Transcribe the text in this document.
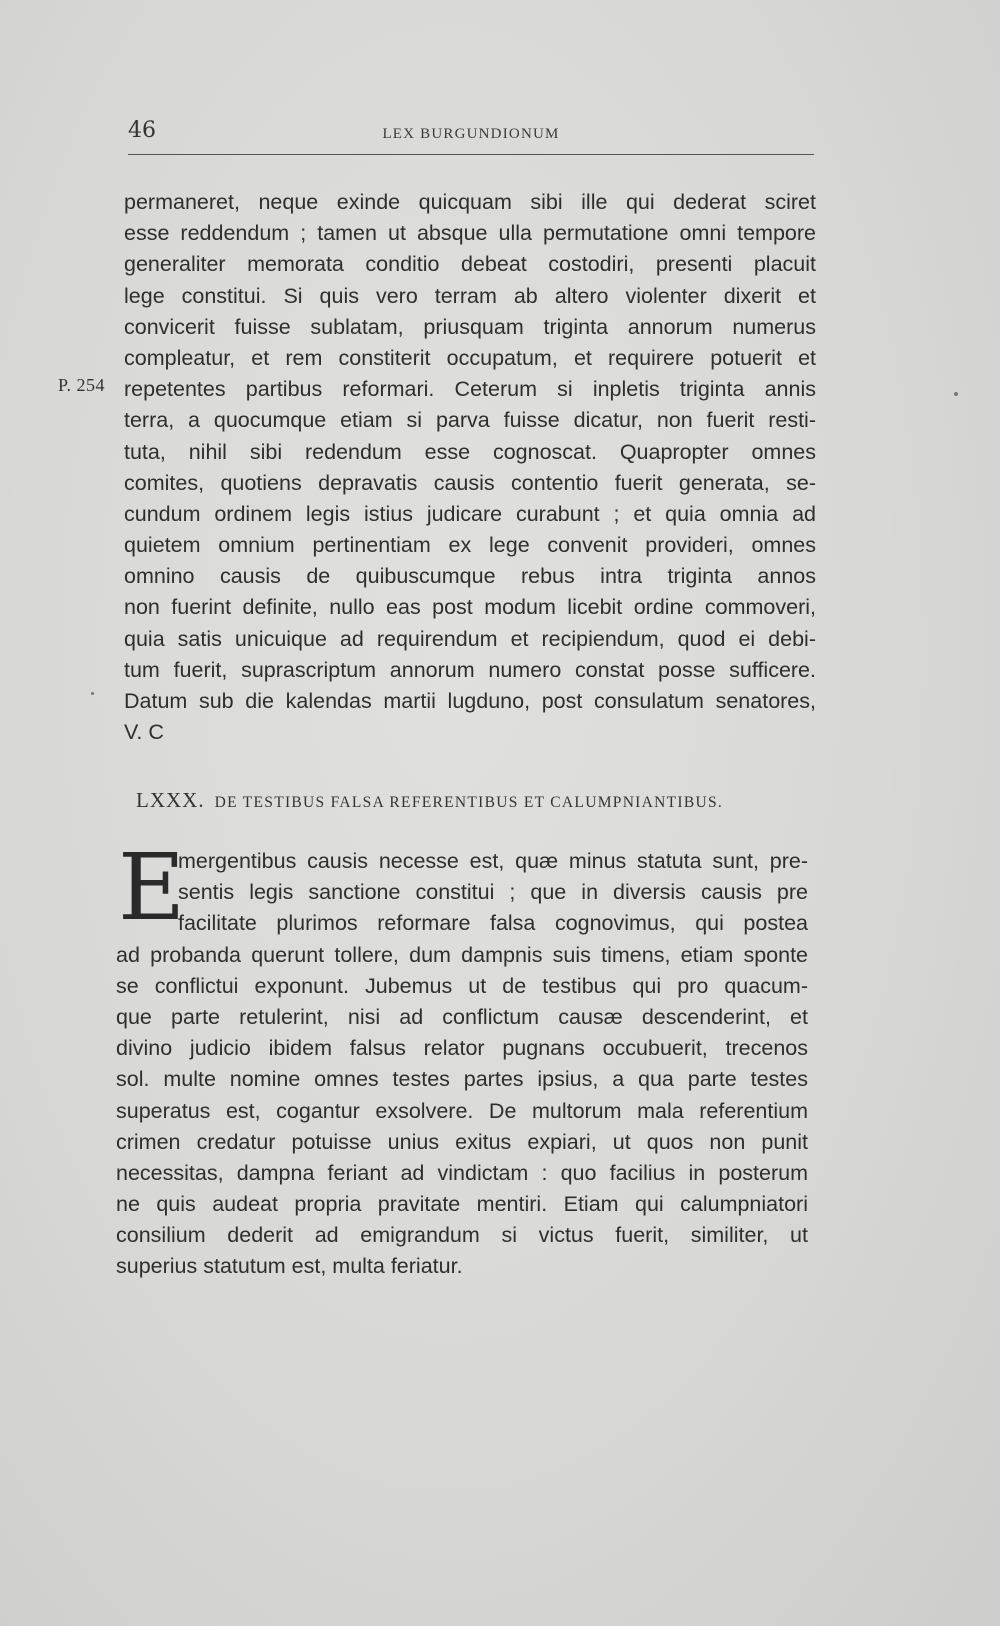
46	LEX BURGUNDIONUM
P. 254
permaneret, neque exinde quicquam sibi ille qui dederat sciret
esse reddendum ; tamen ut absque ulla permutatione omni tempore
generaliter memorata conditio debeat costodiri, presenti placuit
lege constitui. Si quis vero terram ab altero violenter dixerit et
convicerit fuisse sublatam, priusquam triginta annorum numerus
compleatur, et rem constiterit occupatum, et requirere potuerit et
repetentes partibus reformari. Ceterum si inpletis triginta annis
terra, a quocumque etiam si parva fuisse dicatur, non fuerit resti-
tuta, nihil sibi redendum esse cognoscat. Quapropter omnes
comites, quotiens depravatis causis contentio fuerit generata, se-
cundum ordinem legis istius judicare curabunt ; et quia omnia ad
quietem omnium pertinentiam ex lege convenit provideri, omnes
omnino causis de quibuscumque rebus intra triginta annos
non fuerint definite, nullo eas post modum licebit ordine commoveri,
quia satis unicuique ad requirendum et recipiendum, quod ei debi-
tum fuerit, suprascriptum annorum numero constat posse sufficere.
Datum sub die kalendas martii lugduno, post consulatum senatores,
V. C
LXXX. DE TESTIBUS FALSA REFERENTIBUS ET CALUMPNIANTIBUS.
E
mergentibus causis necesse est, quæ minus statuta sunt, pre-
sentis legis sanctione constitui ; que in diversis causis pre
facilitate plurimos reformare falsa cognovimus, qui postea
ad probanda querunt tollere, dum dampnis suis timens, etiam sponte
se conflictui exponunt. Jubemus ut de testibus qui pro quacum-
que parte retulerint, nisi ad conflictum causæ descenderint, et
divino judicio ibidem falsus relator pugnans occubuerit, trecenos
sol. multe nomine omnes testes partes ipsius, a qua parte testes
superatus est, cogantur exsolvere. De multorum mala referentium
crimen credatur potuisse unius exitus expiari, ut quos non punit
necessitas, dampna feriant ad vindictam : quo facilius in posterum
ne quis audeat propria pravitate mentiri. Etiam qui calumpniatori
consilium dederit ad emigrandum si victus fuerit, similiter, ut
superius statutum est, multa feriatur.
